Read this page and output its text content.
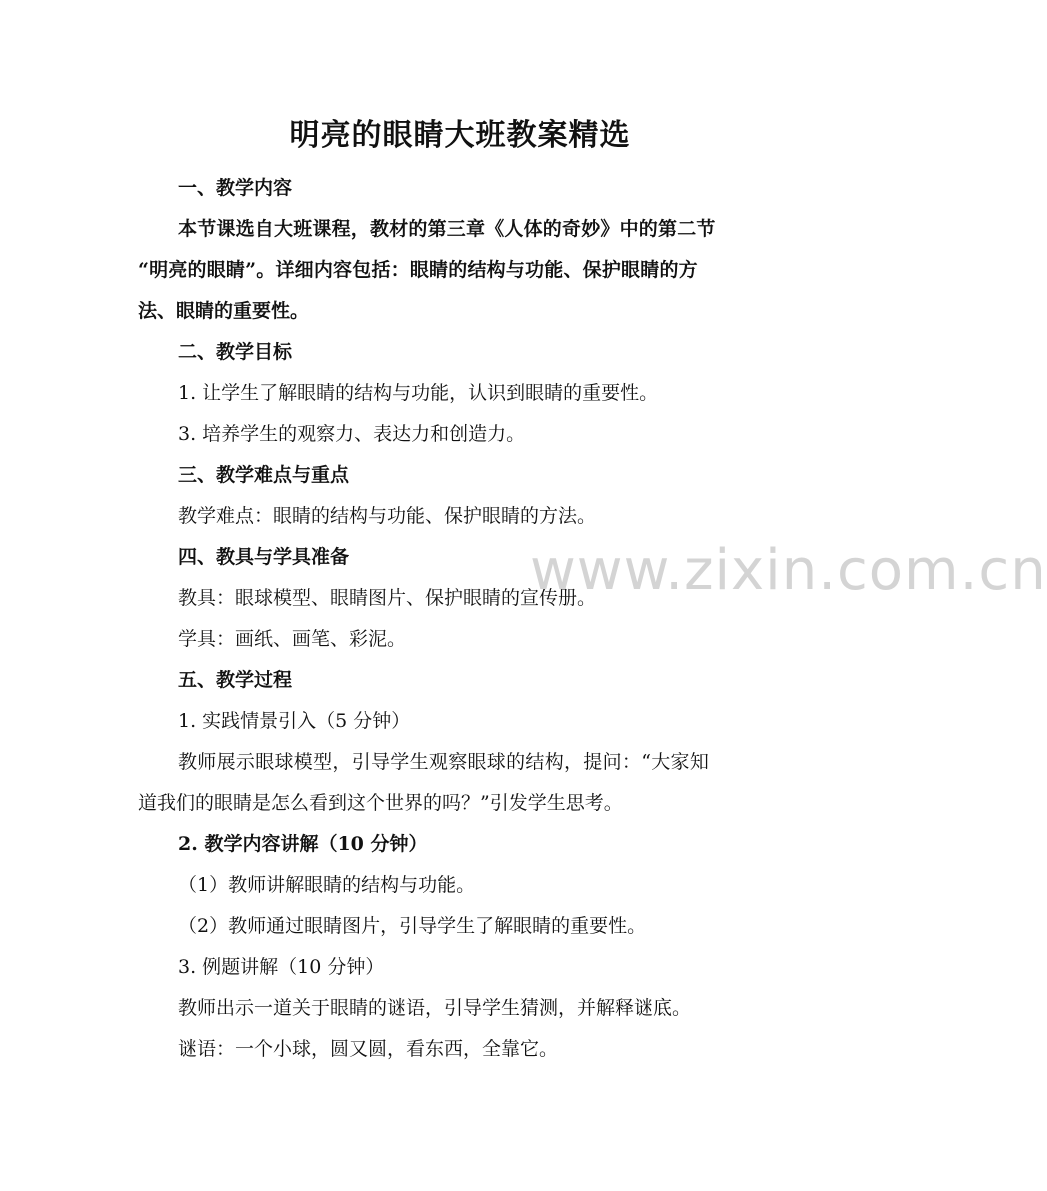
明亮的眼睛大班教案精选
一、教学内容
本节课选自大班课程，教材的第三章《人体的奇妙》中的第二节
“明亮的眼睛”。详细内容包括：眼睛的结构与功能、保护眼睛的方
法、眼睛的重要性。
二、教学目标
1. 让学生了解眼睛的结构与功能，认识到眼睛的重要性。
3. 培养学生的观察力、表达力和创造力。
三、教学难点与重点
教学难点：眼睛的结构与功能、保护眼睛的方法。
四、教具与学具准备
教具：眼球模型、眼睛图片、保护眼睛的宣传册。
学具：画纸、画笔、彩泥。
五、教学过程
1. 实践情景引入（5 分钟）
教师展示眼球模型，引导学生观察眼球的结构，提问：“大家知
道我们的眼睛是怎么看到这个世界的吗？”引发学生思考。
2. 教学内容讲解（10 分钟）
（1）教师讲解眼睛的结构与功能。
（2）教师通过眼睛图片，引导学生了解眼睛的重要性。
3. 例题讲解（10 分钟）
教师出示一道关于眼睛的谜语，引导学生猜测，并解释谜底。
谜语：一个小球，圆又圆，看东西，全靠它。
www.zixin.com.cn
